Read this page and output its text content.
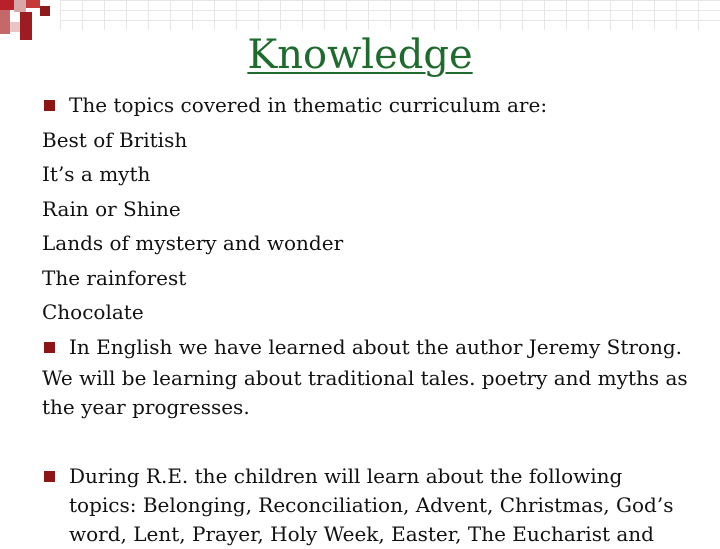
Knowledge
The topics covered in thematic curriculum are:
Best of British
It’s a myth
Rain or Shine
Lands of mystery and wonder
The rainforest
Chocolate
In English we have learned about the author Jeremy Strong.
We will be learning about traditional tales. poetry and myths as the year progresses.
During R.E. the children will learn about the following topics: Belonging, Reconciliation, Advent, Christmas, God’s word, Lent, Prayer, Holy Week, Easter, The Eucharist and
